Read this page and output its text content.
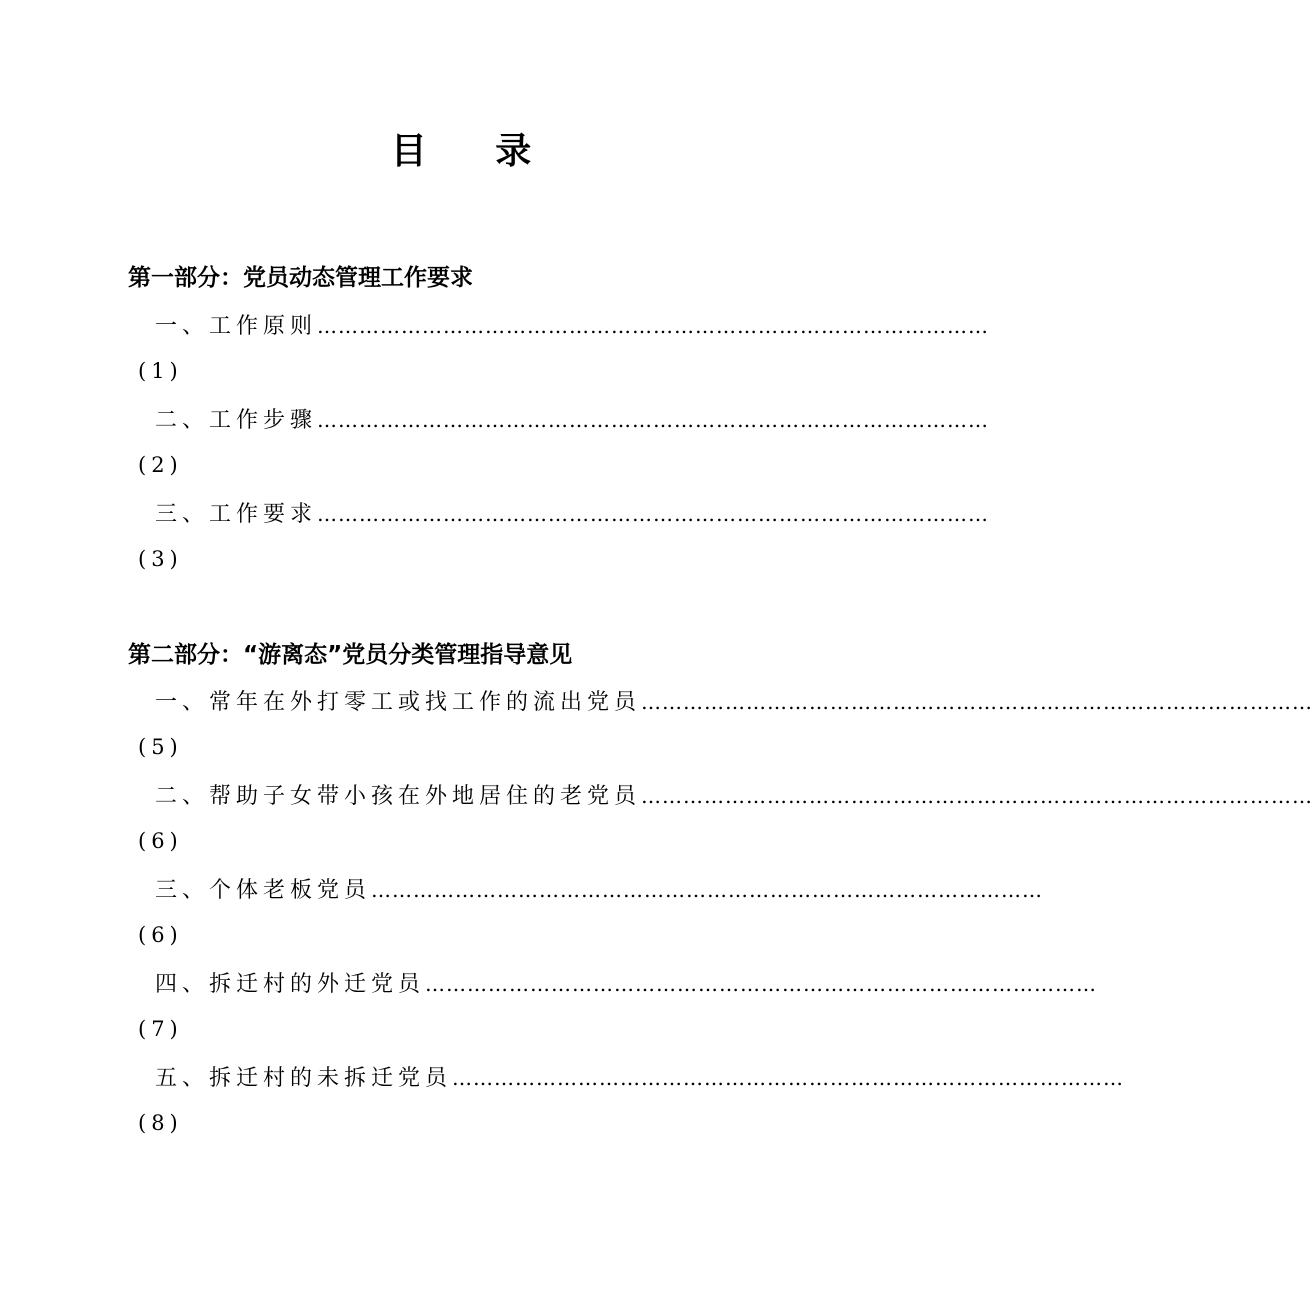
目 录
第一部分：党员动态管理工作要求
一、工作原则 ……………………………………………………………………………………
(1)
二、工作步骤 ……………………………………………………………………………………
(2)
三、工作要求 ……………………………………………………………………………………
(3)
第二部分：“游离态”党员分类管理指导意见
一、常年在外打零工或找工作的流出党员 ……………………………………………………………………………………
(5)
二、帮助子女带小孩在外地居住的老党员 ……………………………………………………………………………………
(6)
三、个体老板党员 ……………………………………………………………………………………
(6)
四、拆迁村的外迁党员 ……………………………………………………………………………………
(7)
五、拆迁村的未拆迁党员 ……………………………………………………………………………………
(8)
